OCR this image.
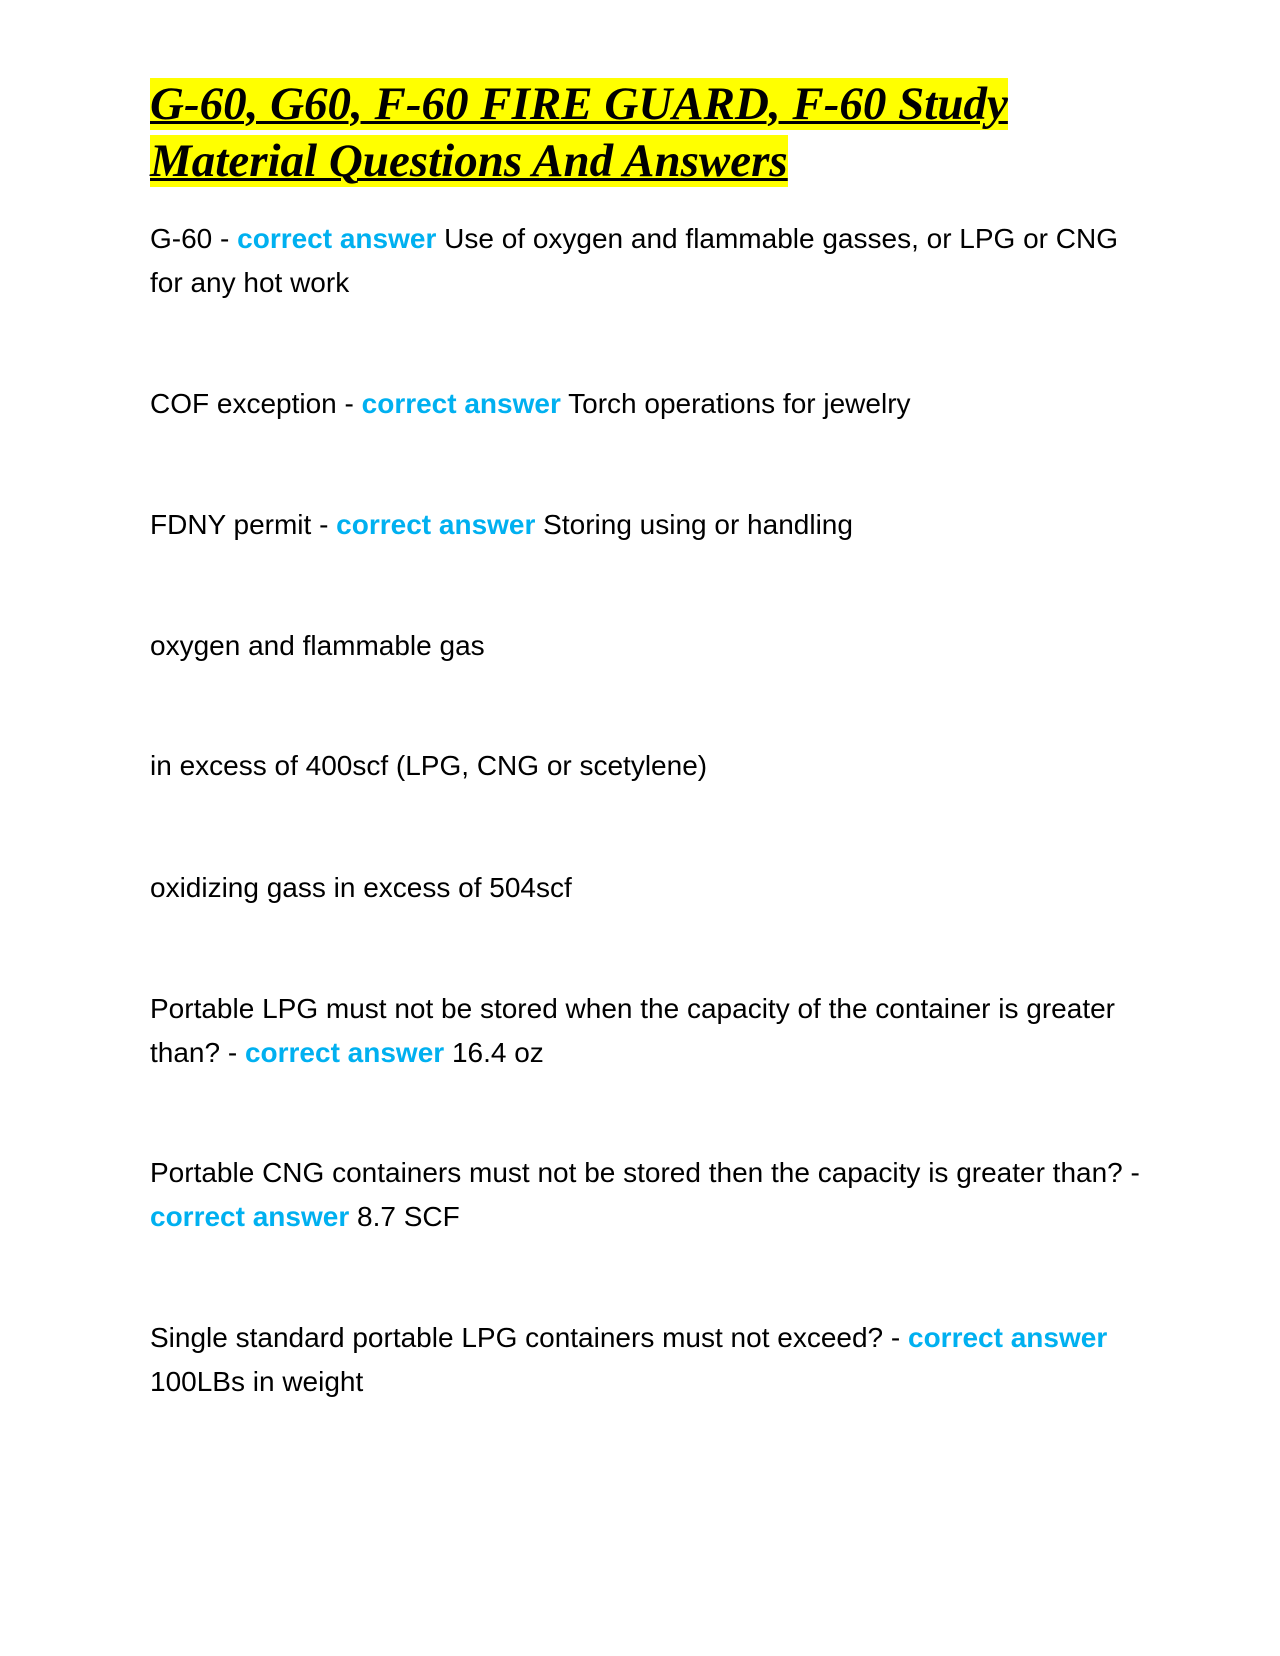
G-60, G60, F-60 FIRE GUARD, F-60 Study Material Questions And Answers

G-60 - correct answer Use of oxygen and flammable gasses, or LPG or CNG for any hot work

COF exception - correct answer Torch operations for jewelry

FDNY permit - correct answer Storing using or handling

oxygen and flammable gas

in excess of 400scf (LPG, CNG or scetylene)

oxidizing gass in excess of 504scf

Portable LPG must not be stored when the capacity of the container is greater than? - correct answer 16.4 oz

Portable CNG containers must not be stored then the capacity is greater than? - correct answer 8.7 SCF

Single standard portable LPG containers must not exceed? - correct answer 100LBs in weight
